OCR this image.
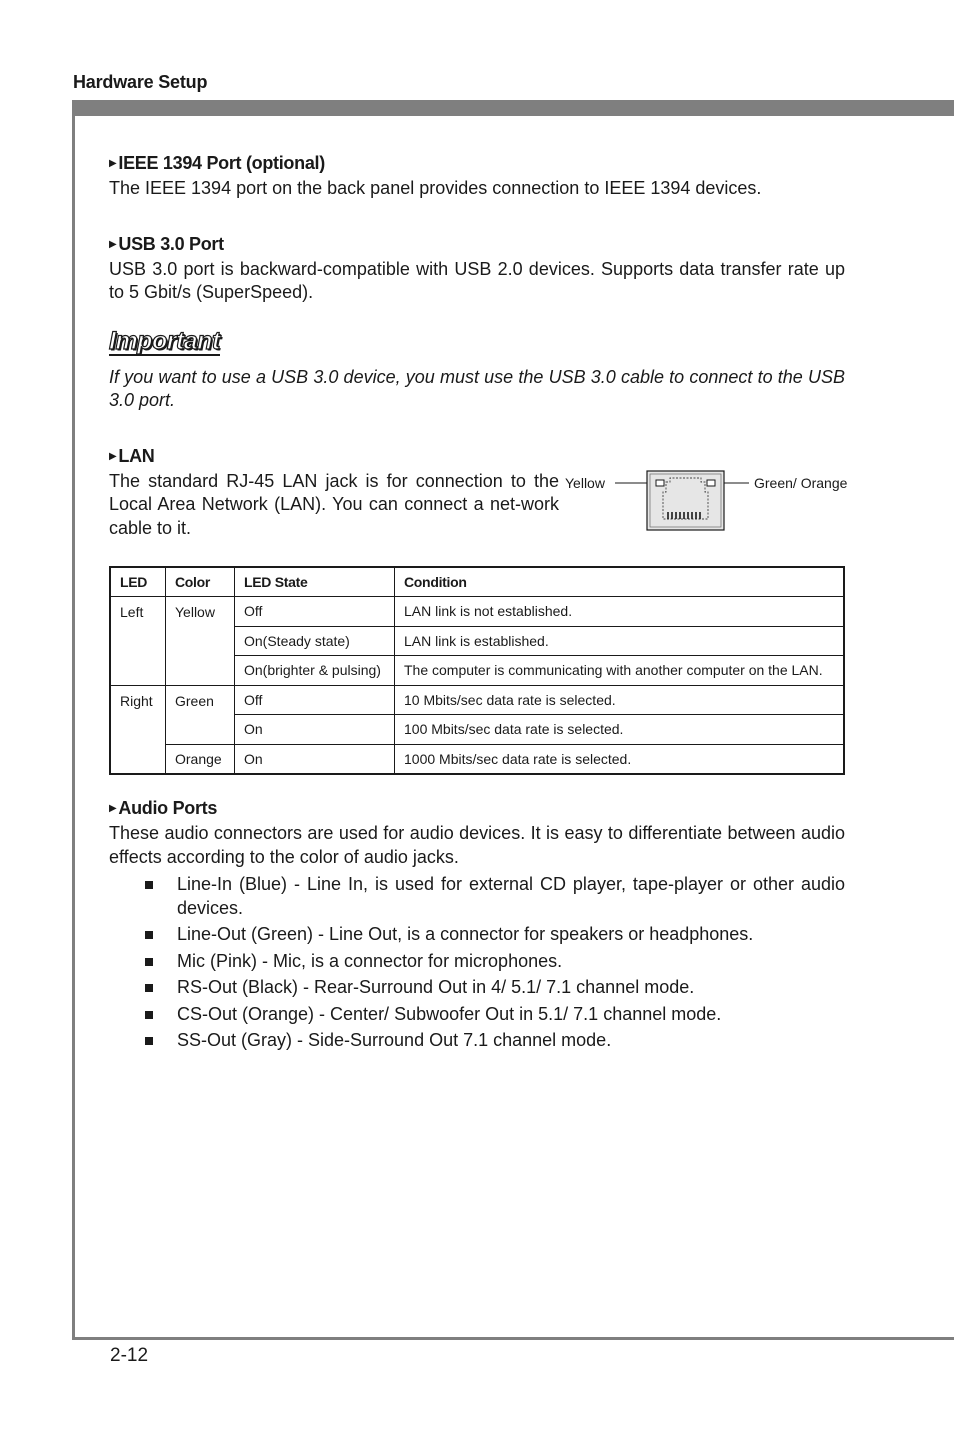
Hardware Setup
2-12

▶ IEEE 1394 Port (optional)

The IEEE 1394 port on the back panel provides connection to IEEE 1394 devices.

▶ USB 3.0 Port

USB 3.0 port is backward-compatible with USB 2.0 devices. Supports data transfer rate up to 5 Gbit/s (SuperSpeed).

Important

If you want to use a USB 3.0 device, you must use the USB 3.0 cable to connect to the USB 3.0 port.

▶ LAN

The standard RJ-45 LAN jack is for connection to the Local Area Network (LAN). You can connect a net-work cable to it.

Yellow	Green/ Orange
LED	Color	LED State	Condition
Left	Yellow	Off	LAN link is not established.
		On(Steady state)	LAN link is established.
		On(brighter & pulsing)	The computer is communicating with another computer on the LAN.
Right	Green	Off	10 Mbits/sec data rate is selected.
		On	100 Mbits/sec data rate is selected.
	Orange	On	1000 Mbits/sec data rate is selected.

▶ Audio Ports

These audio connectors are used for audio devices. It is easy to differentiate between audio effects according to the color of audio jacks.

Line-In (Blue) - Line In, is used for external CD player, tape-player or other audio devices.
Line-Out (Green) - Line Out, is a connector for speakers or headphones.
Mic (Pink) - Mic, is a connector for microphones.
RS-Out (Black) - Rear-Surround Out in 4/ 5.1/ 7.1 channel mode.
CS-Out (Orange) - Center/ Subwoofer Out in 5.1/ 7.1 channel mode.
SS-Out (Gray) - Side-Surround Out 7.1 channel mode.
